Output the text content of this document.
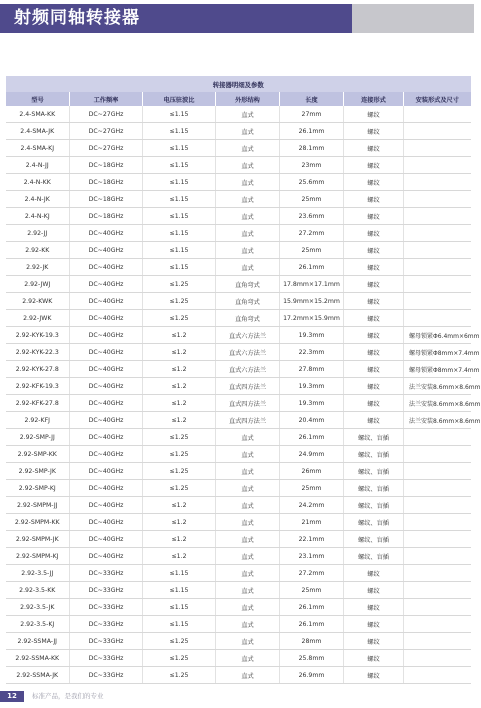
射频同轴转接器
转接器明细及参数						
型号	工作频率	电压驻波比	外形结构	长度	连接形式	安装形式及尺寸
2.4-SMA-KK	DC~27GHz	≤1.15	直式	27mm	螺纹	
2.4-SMA-JK	DC~27GHz	≤1.15	直式	26.1mm	螺纹	
2.4-SMA-KJ	DC~27GHz	≤1.15	直式	28.1mm	螺纹	
2.4-N-JJ	DC~18GHz	≤1.15	直式	23mm	螺纹	
2.4-N-KK	DC~18GHz	≤1.15	直式	25.6mm	螺纹	
2.4-N-JK	DC~18GHz	≤1.15	直式	25mm	螺纹	
2.4-N-KJ	DC~18GHz	≤1.15	直式	23.6mm	螺纹	
2.92-JJ	DC~40GHz	≤1.15	直式	27.2mm	螺纹	
2.92-KK	DC~40GHz	≤1.15	直式	25mm	螺纹	
2.92-JK	DC~40GHz	≤1.15	直式	26.1mm	螺纹	
2.92-JWJ	DC~40GHz	≤1.25	直角弯式	17.8mm×17.1mm	螺纹	
2.92-KWK	DC~40GHz	≤1.25	直角弯式	15.9mm×15.2mm	螺纹	
2.92-JWK	DC~40GHz	≤1.25	直角弯式	17.2mm×15.9mm	螺纹	
2.92-KYK-19.3	DC~40GHz	≤1.2	直式六方法兰	19.3mm	螺纹	螺母锁紧Φ6.4mm×6mm
2.92-KYK-22.3	DC~40GHz	≤1.2	直式六方法兰	22.3mm	螺纹	螺母锁紧Φ8mm×7.4mm
2.92-KYK-27.8	DC~40GHz	≤1.2	直式六方法兰	27.8mm	螺纹	螺母锁紧Φ8mm×7.4mm
2.92-KFK-19.3	DC~40GHz	≤1.2	直式四方法兰	19.3mm	螺纹	法兰安装8.6mm×8.6mm
2.92-KFK-27.8	DC~40GHz	≤1.2	直式四方法兰	19.3mm	螺纹	法兰安装8.6mm×8.6mm
2.92-KFJ	DC~40GHz	≤1.2	直式四方法兰	20.4mm	螺纹	法兰安装8.6mm×8.6mm
2.92-SMP-JJ	DC~40GHz	≤1.25	直式	26.1mm	螺纹、盲插	
2.92-SMP-KK	DC~40GHz	≤1.25	直式	24.9mm	螺纹、盲插	
2.92-SMP-JK	DC~40GHz	≤1.25	直式	26mm	螺纹、盲插	
2.92-SMP-KJ	DC~40GHz	≤1.25	直式	25mm	螺纹、盲插	
2.92-SMPM-JJ	DC~40GHz	≤1.2	直式	24.2mm	螺纹、盲插	
2.92-SMPM-KK	DC~40GHz	≤1.2	直式	21mm	螺纹、盲插	
2.92-SMPM-JK	DC~40GHz	≤1.2	直式	22.1mm	螺纹、盲插	
2.92-SMPM-KJ	DC~40GHz	≤1.2	直式	23.1mm	螺纹、盲插	
2.92-3.5-JJ	DC~33GHz	≤1.15	直式	27.2mm	螺纹	
2.92-3.5-KK	DC~33GHz	≤1.15	直式	25mm	螺纹	
2.92-3.5-JK	DC~33GHz	≤1.15	直式	26.1mm	螺纹	
2.92-3.5-KJ	DC~33GHz	≤1.15	直式	26.1mm	螺纹	
2.92-SSMA-JJ	DC~33GHz	≤1.25	直式	28mm	螺纹	
2.92-SSMA-KK	DC~33GHz	≤1.25	直式	25.8mm	螺纹	
2.92-SSMA-JK	DC~33GHz	≤1.25	直式	26.9mm	螺纹	
12	标准产品，是我们的专业
